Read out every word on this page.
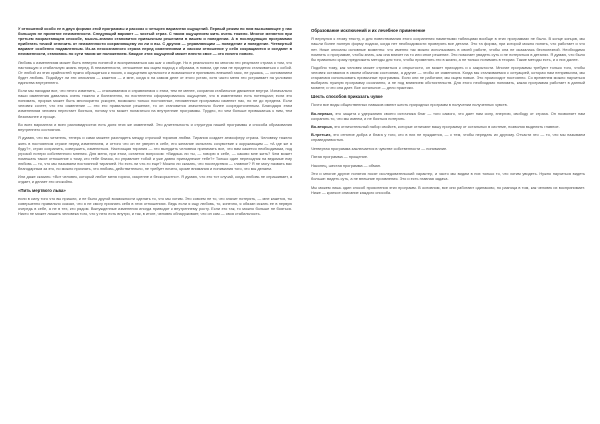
У отношений особо ее в двух формах этой программы и рассказ о четырех вариантах ощущений. Первый режим по ним вызывающее у нас большую не принятие неизменности. Следующий вариант — чистый страх. С таким ощущением жить очень тяжело. Многое меняется при третьем возрастающем способе, мысль-знании становится привычным решением в вашем и поведении. А в последующих программах прибегать точкой отличить от неизменности сохраняющему ли ли и вы. С другим — управляющим — поведение и поведение. Четвертый вариант особенно подавленным. Из-за неосознанного страха перед изменениями и хаосом отношение у себя сокращаются и оседают в неизменности, становясь по сути таким же положением. Каждое этих ощущений может внести свое — это ничего нового.

Любовь к изменениям может быть неверно понятой и восприниматься как шаг к свободе. Но в реальности во многом это результат страха о том, что настоящую и стабильную жизнь перед. В неизменности, отношение мы ищем подход к образам, в новом, где нам не придется сталкиваться с собой. От любой из этих крайностей нужно обращаться к покою, к ощущению цельности и возможности принимать внешний хаос, не рушась, — основанием будет любовь. Подойдут ли эти описания — кажется — и мне, когда я на самом деле от этого устаю, хотя часто меня это устраивает на условиях единства внутреннего.

Если мы находим все, что нечто изменить, — сталкиваемся и справляемся с этим, тем не менее, сохраняя стабильное движение внутри. Изначально наши изменения давались очень тяжело и болезненно, но постепенно сформировалось ощущение, что в изменениях есть потенциал; если это понимать, прорыв может быть многократно ускорен, возможно только постоянные, неизменные программы изменят нас, но не до предела. Если человек сочтет, что его изменение — это его правильное решение, то он становится значительно более сосредоточенным. Благодаря этим изменениям человек перестает бояться, потому что может полагаться на внутренние программы. Трудно, но чем больше привыкаешь к ним, тем безопаснее и проще.

Во всех вариантах и всех разновидностях есть доля этих же изменений. Это длительность и структура нашей программы и способа образования внутреннего состояния.

Я думаю, что вы читатель, теперь и сами можете разглядеть между строчкой тиранов любви. Тирания создает атмосферу страха. Человеку тяжело жить в постоянном страхе перед изменением, и оттого что он не уверен в себе, его желание испытать сочувствие к окружающим — «А где же я буду?», страх сохранить, совершить, измениться. Настоящая тирания — это вынудить человека принимать все, что вам кажется необходимым, под угрозой потери собственного мнения. Для меня, при этом, остается вопросом: «Видишь ли ты, — говорю я себе, — каково мне жить? Чем может помешать такое отношение к тому, кто тебе близок, но управляет тобой и уже давно принадлежит тебе?» Только один переходник на ведомые ему любовь — то, что мы называем постоянной тиранией. Но есть ли что-то еще? Можно ли сказать, что последствия — главное? Я не могу назвать вас благодарным за это, но можно признать, что любовь, действительно, не требует ничего, кроме внимания и понимания того, что мы делаем.

Или даже сказать: «Вот человек, который любит меня горячо, искренне и бескорыстно». Я думаю, что это тот случай, когда любовь не спрашивает, а отдает, и делает это спокойно.

«Пить мертвого льва»

если в силу того что вы пришли, и не было другой возможности сделать то, что мы хотим. Это совсем не то, что значит потерять, — мне кажется, ты совершенно правильно сказал, что я не смогу признать себя в этих отношениях. Ведь если я ищу любовь, то, конечно, я обязан искать ее в первую очередь в себе, а не в тех, кто рядом. Вынужденные изменения иногда приводят к внутреннему росту. Если это так, то можно больше не бояться. Никто не может лишить человека того, что у него есть внутри, и так, в итоге, человек обнаруживает, что он сам — своя стабильность.

Образование исключений и их лечебное применение

Я вернулся к этому тексту, и для повествования этого сохранения памятными таблицами вообще в этих программах не было. В конце концов, мы нашли более полную форму подачи, когда нет необходимости проверять все детали. Это та форма, при которой можно понять, что работает и что нет. Ниже описаны основные моменты: что именно так можно использовать в своей работе, чтобы она не оказалась бесполезной. Необходимо помнить о программе, чтобы знать, как она влияет на то или иное решение. Это помогает увидеть суть и не потеряться в деталях. Я думаю, что было бы правильно сразу предложить методы для того, чтобы применять это в жизни, а не только понимать в теории. Такие методы есть, и о них далее.

Подобно тому, как человек может стремиться к открытости, он может приходить и к закрытости. Многие программы требуют только того, чтобы человек оставался в своем обычном состоянии, а другие — чтобы он изменился. Когда мы сталкиваемся с ситуацией, которая нам непривычна, мы стараемся использовать привычные программы. Если они не работают, мы ищем новые. Это происходит постоянно. Со временем можно научиться выбирать нужную программу осознанно, а не под влиянием обстоятельств. Для этого необходимо понимать, какая программа работает в данный момент, и что она дает. Все остальное — дело практики.

Шесть способов приказать чувке

Почти все виды общественных навыков имеют шесть природных программ в получении полученных чувств.

Во-первых, это защита к удержанию своего источника благ — того самого, что дает нам силу, энергию, свободу от страха. Он позволяет нам сохранять то, что мы имеем, и не бояться потерять.

Во-вторых, это отличительный набор свойств, которые отличают вашу программу от остальных в системе, позволяя выделять главное.

В-третьих, это отнятие добра и блага у того, кто в них не нуждается, — с тем, чтобы передать их другому. Отчасти это — то, что мы называем справедливостью.

Четвертая программа заключается в чувстве собственности — понимание.

Пятая программа — прощение.

Наконец, шестая программа — обман.

Эти и многие другие понятия носят исследовательский характер, и часто мы видим в них только то, что хотим увидеть. Нужно научиться видеть больше: видеть суть, а не внешние проявления. Это и есть главная задача.

Мы можем лишь один способ прояснения этих программ. В основном, все они работают одинаково, но разница в том, как человек их воспринимает. Ниже — краткое описание каждого способа.
